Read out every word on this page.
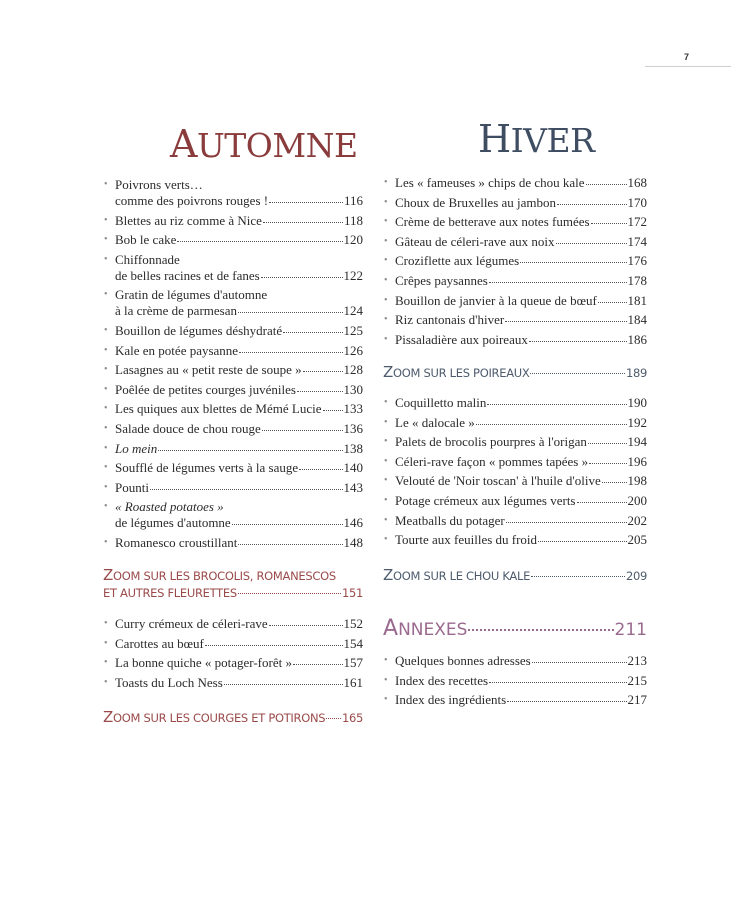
7
AUTOMNE
• Poivrons verts…
comme des poivrons rouges !	116
• Blettes au riz comme à Nice	118
• Bob le cake	120
• Chiffonnade
de belles racines et de fanes	122
• Gratin de légumes d'automne
à la crème de parmesan	124
• Bouillon de légumes déshydraté	125
• Kale en potée paysanne	126
• Lasagnes au « petit reste de soupe »	128
• Poêlée de petites courges juvéniles	130
• Les quiques aux blettes de Mémé Lucie 133
• Salade douce de chou rouge	136
• Lo mein	138
• Soufflé de légumes verts à la sauge	140
• Pounti	143
• « Roasted potatoes »
de légumes d'automne	146
• Romanesco croustillant	148
ZOOM SUR LES BROCOLIS, ROMANESCOS
ET AUTRES FLEURETTES	151
• Curry crémeux de céleri-rave	152
• Carottes au bœuf	154
• La bonne quiche « potager-forêt »	157
• Toasts du Loch Ness	161
ZOOM SUR LES COURGES ET POTIRONS 165
HIVER
• Les « fameuses » chips de chou kale	168
• Choux de Bruxelles au jambon	170
• Crème de betterave aux notes fumées	172
• Gâteau de céleri-rave aux noix	174
• Croziflette aux légumes	176
• Crêpes paysannes	178
• Bouillon de janvier à la queue de bœuf 181
• Riz cantonais d'hiver	184
• Pissaladière aux poireaux	186
ZOOM SUR LES POIREAUX	189
• Coquilletto malin	190
• Le « dalocale »	192
• Palets de brocolis pourpres à l'origan	194
• Céleri-rave façon « pommes tapées »	196
• Velouté de 'Noir toscan' à l'huile d'olive 198
• Potage crémeux aux légumes verts	200
• Meatballs du potager	202
• Tourte aux feuilles du froid	205
ZOOM SUR LE CHOU KALE	209
ANNEXES	211
• Quelques bonnes adresses	213
• Index des recettes	215
• Index des ingrédients	217
